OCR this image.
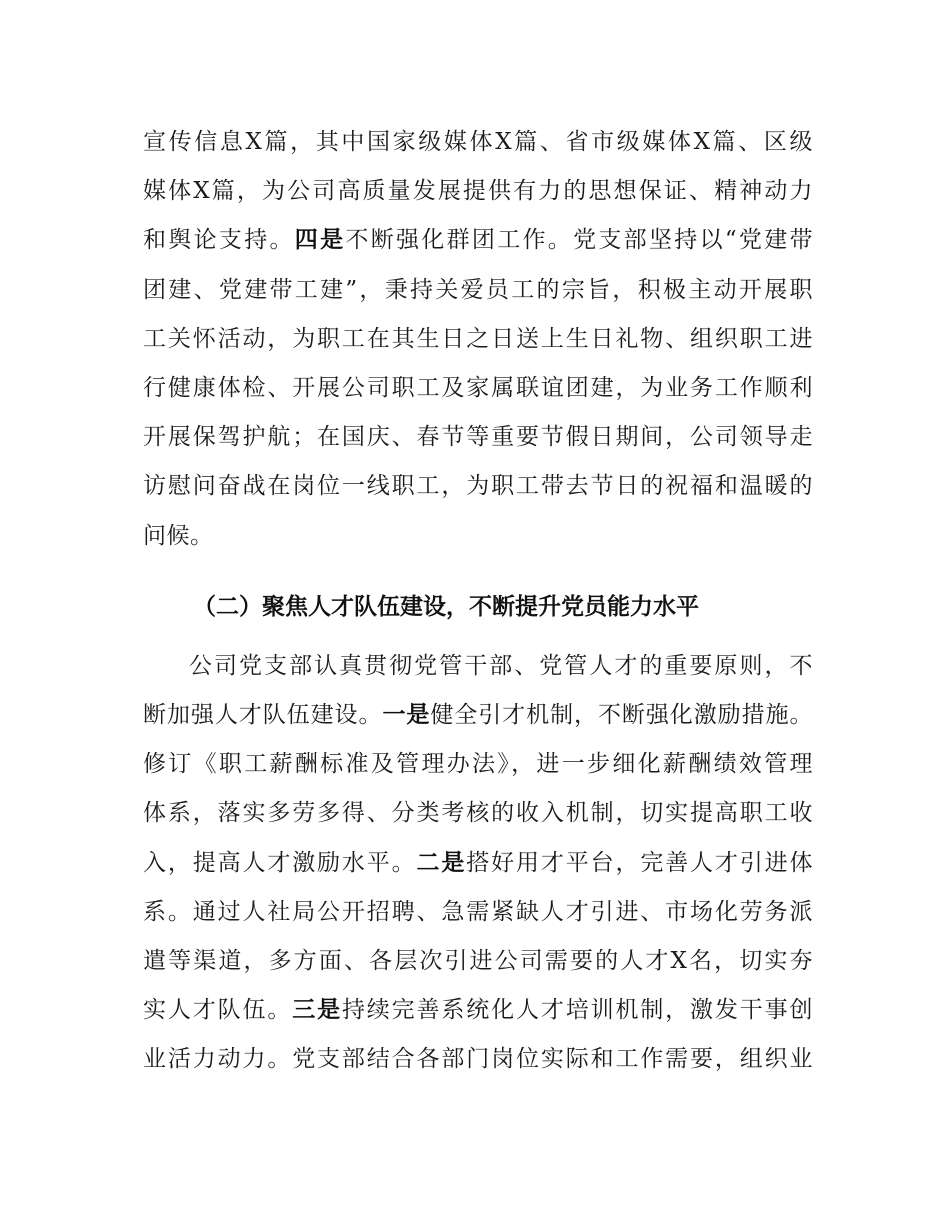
宣传信息X篇，其中国家级媒体X篇、省市级媒体X篇、区级
媒体X篇，为公司高质量发展提供有力的思想保证、精神动力
和舆论支持。四是不断强化群团工作。党支部坚持以“党建带
团建、党建带工建”，秉持关爱员工的宗旨，积极主动开展职
工关怀活动，为职工在其生日之日送上生日礼物、组织职工进
行健康体检、开展公司职工及家属联谊团建，为业务工作顺利
开展保驾护航；在国庆、春节等重要节假日期间，公司领导走
访慰问奋战在岗位一线职工，为职工带去节日的祝福和温暖的
问候。
（二）聚焦人才队伍建设，不断提升党员能力水平
公司党支部认真贯彻党管干部、党管人才的重要原则，不
断加强人才队伍建设。一是健全引才机制，不断强化激励措施。
修订《职工薪酬标准及管理办法》，进一步细化薪酬绩效管理
体系，落实多劳多得、分类考核的收入机制，切实提高职工收
入，提高人才激励水平。二是搭好用才平台，完善人才引进体
系。通过人社局公开招聘、急需紧缺人才引进、市场化劳务派
遣等渠道，多方面、各层次引进公司需要的人才X名，切实夯
实人才队伍。三是持续完善系统化人才培训机制，激发干事创
业活力动力。党支部结合各部门岗位实际和工作需要，组织业
